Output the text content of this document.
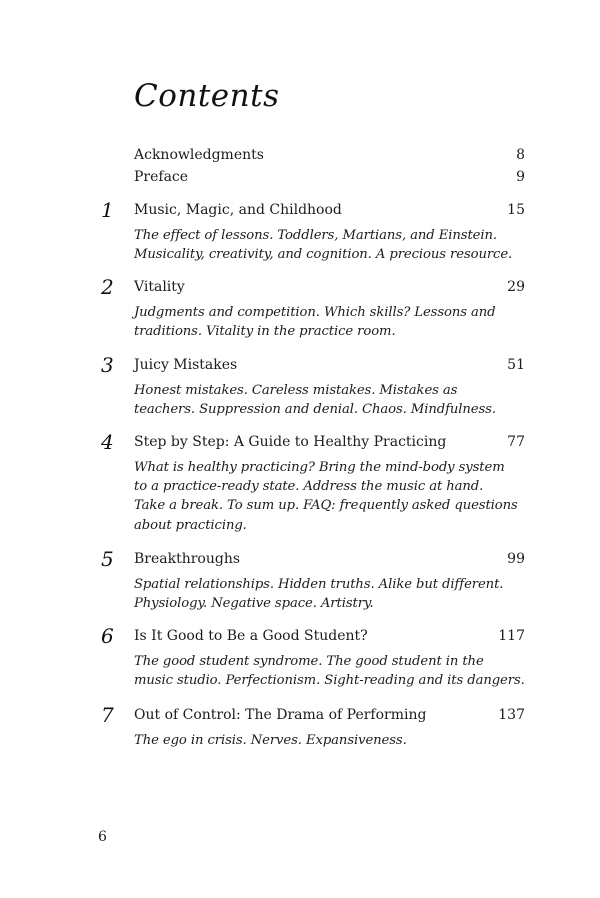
Contents
Acknowledgments	8
Preface	9
1 Music, Magic, and Childhood	15
The effect of lessons. Toddlers, Martians, and Einstein.
Musicality, creativity, and cognition. A precious resource.
2 Vitality	29
Judgments and competition. Which skills? Lessons and
traditions. Vitality in the practice room.
3 Juicy Mistakes	51
Honest mistakes. Careless mistakes. Mistakes as
teachers. Suppression and denial. Chaos. Mindfulness.
4 Step by Step: A Guide to Healthy Practicing	77
What is healthy practicing? Bring the mind-body system
to a practice-ready state. Address the music at hand.
Take a break. To sum up. FAQ: frequently asked questions
about practicing.
5 Breakthroughs	99
Spatial relationships. Hidden truths. Alike but different.
Physiology. Negative space. Artistry.
6 Is It Good to Be a Good Student?	117
The good student syndrome. The good student in the
music studio. Perfectionism. Sight-reading and its dangers.
7 Out of Control: The Drama of Performing	137
The ego in crisis. Nerves. Expansiveness.
6
